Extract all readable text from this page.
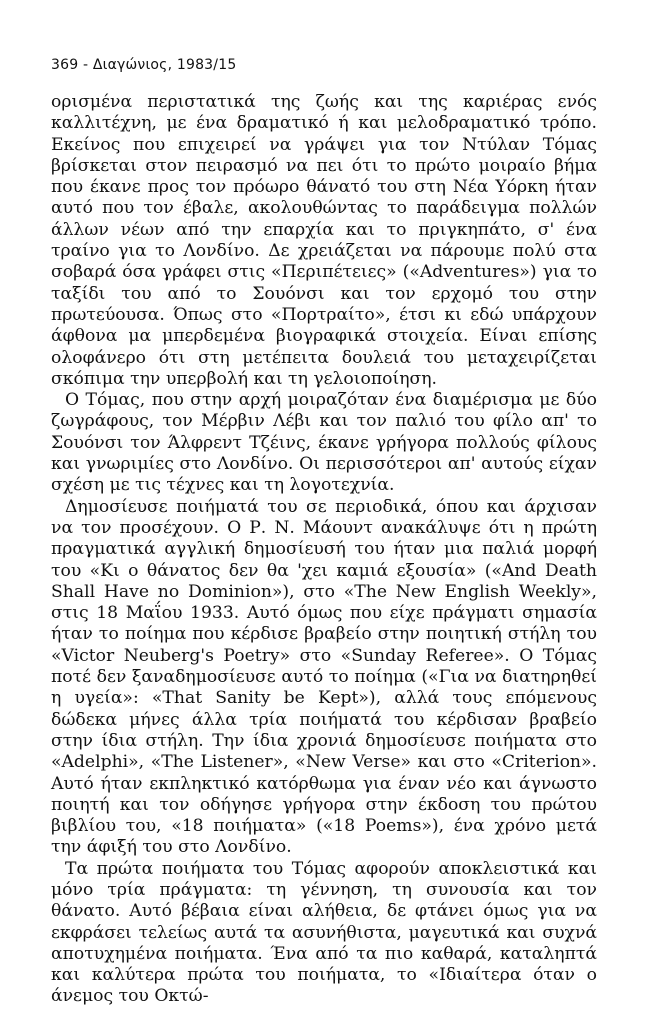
369 - Διαγώνιος, 1983/15

ορισμένα περιστατικά της ζωής και της καριέρας ενός καλλιτέχνη, με ένα δραματικό ή και μελοδραματικό τρόπο. Εκείνος που επιχειρεί να γράψει για τον Ντύλαν Τόμας βρίσκεται στον πειρασμό να πει ότι το πρώτο μοιραίο βήμα που έκανε προς τον πρόωρο θάνατό του στη Νέα Υόρκη ήταν αυτό που τον έβαλε, ακολουθώντας το παράδειγμα πολλών άλλων νέων από την επαρχία και το πριγκηπάτο, σ' ένα τραίνο για το Λονδίνο. Δε χρειάζεται να πάρουμε πολύ στα σοβαρά όσα γράφει στις «Περιπέτειες» («Adventures») για το ταξίδι του από το Σουόνσι και τον ερχομό του στην πρωτεύουσα. Όπως στο «Πορτραίτο», έτσι κι εδώ υπάρχουν άφθονα μα μπερδεμένα βιογραφικά στοιχεία. Είναι επίσης ολοφάνερο ότι στη μετέπειτα δουλειά του μεταχειρίζεται σκόπιμα την υπερβολή και τη γελοιοποίηση.

Ο Τόμας, που στην αρχή μοιραζόταν ένα διαμέρισμα με δύο ζωγράφους, τον Μέρβιν Λέβι και τον παλιό του φίλο απ' το Σουόνσι τον Άλφρεντ Τζέινς, έκανε γρήγορα πολλούς φίλους και γνωριμίες στο Λονδίνο. Οι περισσότεροι απ' αυτούς είχαν σχέση με τις τέχνες και τη λογοτεχνία.

Δημοσίευσε ποιήματά του σε περιοδικά, όπου και άρχισαν να τον προσέχουν. Ο Ρ. Ν. Μάουντ ανακάλυψε ότι η πρώτη πραγματικά αγγλική δημοσίευσή του ήταν μια παλιά μορφή του «Κι ο θάνατος δεν θα 'χει καμιά εξουσία» («And Death Shall Have no Dominion»), στο «The New English Weekly», στις 18 Μαΐου 1933. Αυτό όμως που είχε πράγματι σημασία ήταν το ποίημα που κέρδισε βραβείο στην ποιητική στήλη του «Victor Neuberg's Poetry» στο «Sunday Referee». Ο Τόμας ποτέ δεν ξαναδημοσίευσε αυτό το ποίημα («Για να διατηρηθεί η υγεία»: «That Sanity be Kept»), αλλά τους επόμενους δώδεκα μήνες άλλα τρία ποιήματά του κέρδισαν βραβείο στην ίδια στήλη. Την ίδια χρονιά δημοσίευσε ποιήματα στο «Adelphi», «The Listener», «New Verse» και στο «Criterion». Αυτό ήταν εκπληκτικό κατόρθωμα για έναν νέο και άγνωστο ποιητή και τον οδήγησε γρήγορα στην έκδοση του πρώτου βιβλίου του, «18 ποιήματα» («18 Poems»), ένα χρόνο μετά την άφιξή του στο Λονδίνο.

Τα πρώτα ποιήματα του Τόμας αφορούν αποκλειστικά και μόνο τρία πράγματα: τη γέννηση, τη συνουσία και τον θάνατο. Αυτό βέβαια είναι αλήθεια, δε φτάνει όμως για να εκφράσει τελείως αυτά τα ασυνήθιστα, μαγευτικά και συχνά αποτυχημένα ποιήματα. Ένα από τα πιο καθαρά, καταληπτά και καλύτερα πρώτα του ποιήματα, το «Ιδιαίτερα όταν ο άνεμος του Οκτώ-
